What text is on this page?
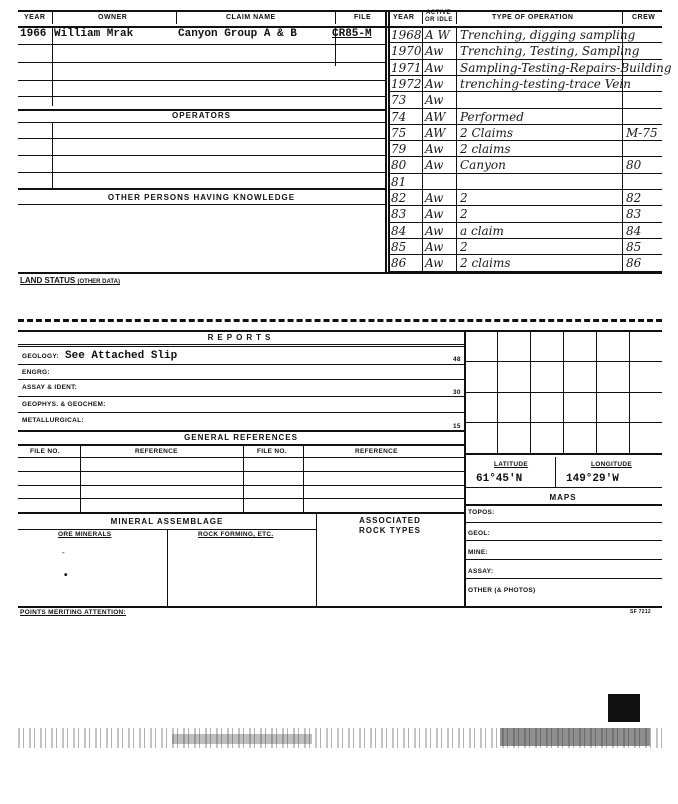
YEAR	OWNER	CLAIM NAME	FILE	YEAR
ACTIVE
OR IDLE	TYPE OF OPERATION	CREW
1966 William Mrak	Canyon Group A & B	CR85-M
OPERATORS
OTHER PERSONS HAVING KNOWLEDGE
1968 A W Trenching, digging sampling
1970 Aw Trenching, Testing, Sampling
1971 Aw Sampling-Testing-Repairs-Building
1972 Aw trenching-testing-trace Vein
73 Aw
74 AW Performed
75 AW 2 Claims	M-75
79 Aw 2 claims
80 Aw Canyon	80
81
82 Aw 2	82
83 Aw 2	83
84 Aw a claim	84
85 Aw 2	85
86 Aw 2 claims	86
LAND STATUS (OTHER DATA)
REPORTS
GEOLOGY: See Attached Slip	48
ENGRG:
ASSAY & IDENT:
30
GEOPHYS. & GEOCHEM:
METALLURGICAL:
15
GENERAL REFERENCES
FILE NO.	REFERENCE	FILE NO.	REFERENCE
MINERAL ASSEMBLAGE	ASSOCIATED
ROCK TYPES
ORE MINERALS	ROCK FORMING, ETC.
-
•
LATITUDE	LONGITUDE
61°45'N	149°29'W
MAPS
TOPOS:
GEOL:
MINE:
ASSAY:
OTHER (& PHOTOS)
POINTS MERITING ATTENTION:	SF 7212
